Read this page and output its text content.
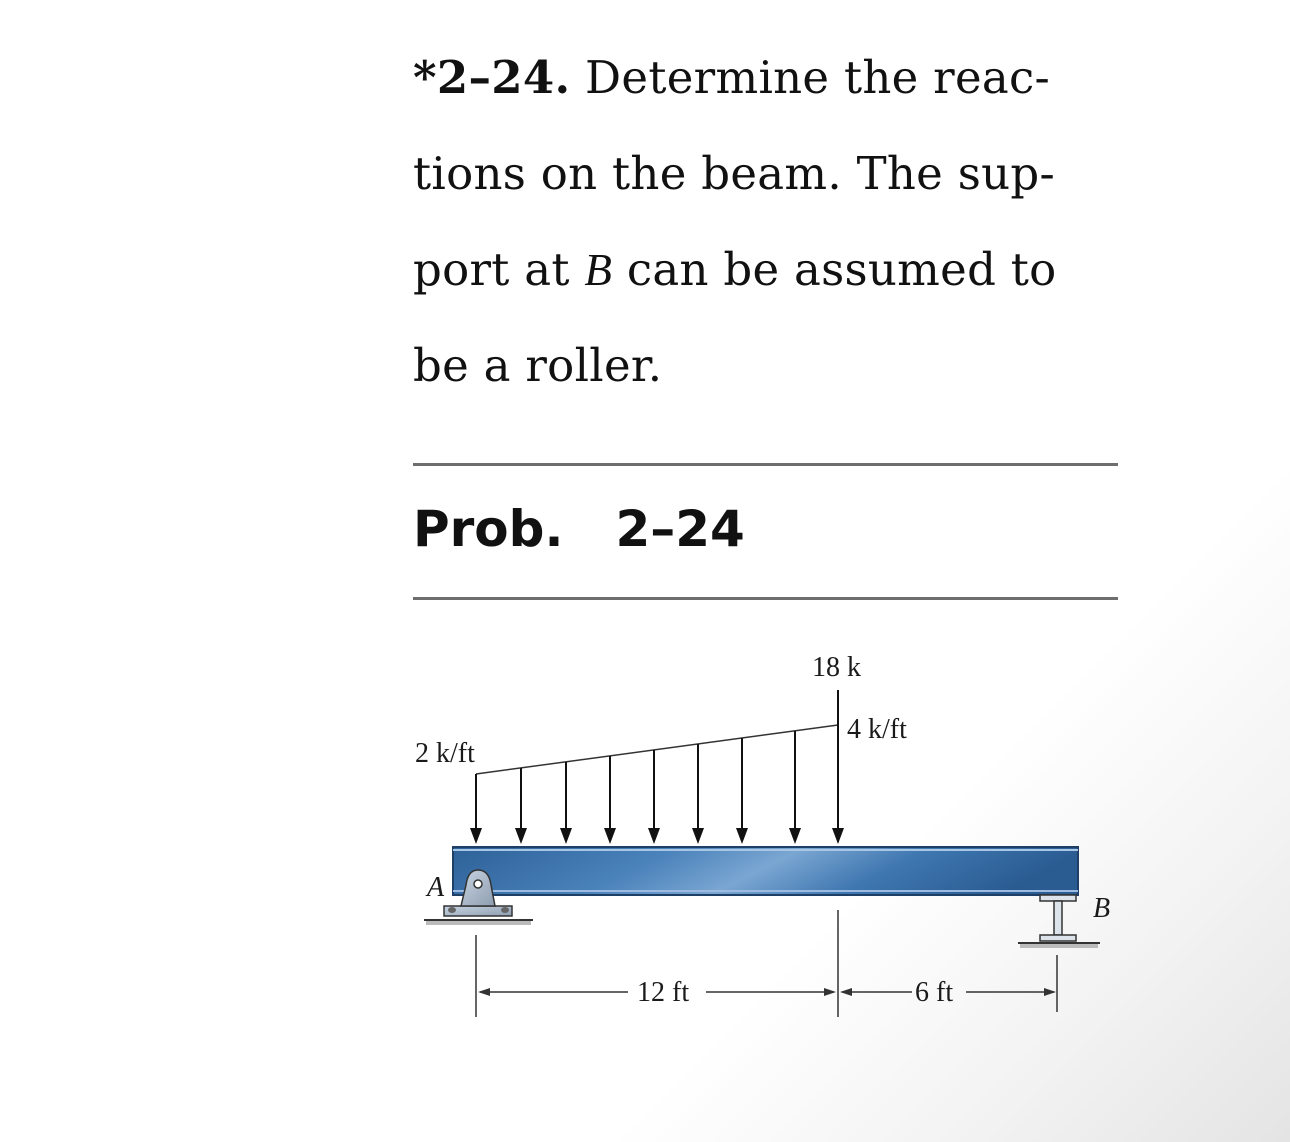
*2–24. Determine the reac-
tions on the beam. The sup-
port at B can be assumed to
be a roller.
Prob. 2–24
2 k/ft
4 k/ft
18 k
A
B
12 ft	6 ft
